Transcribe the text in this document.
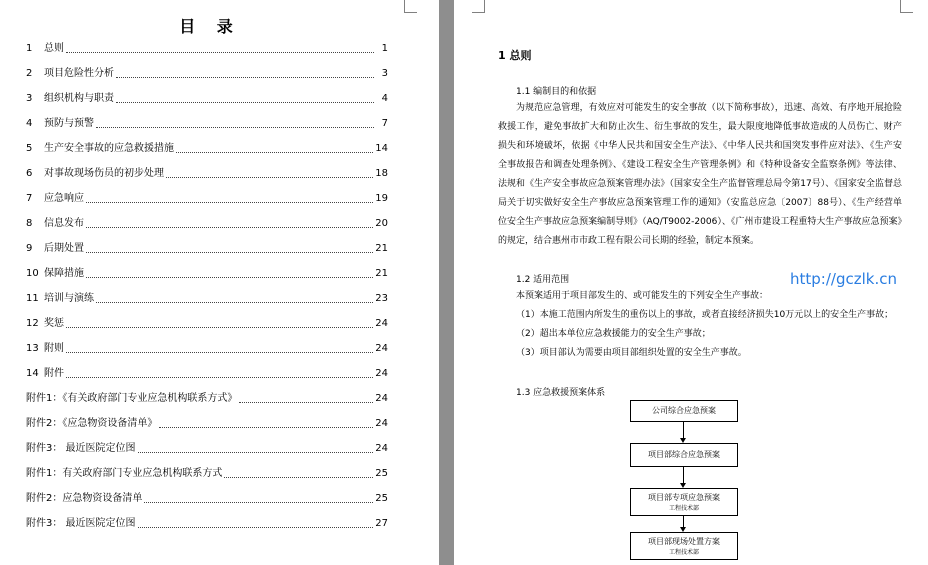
目 录
1	总则	1
2	项目危险性分析	3
3	组织机构与职责	4
4	预防与预警	7
5	生产安全事故的应急救援措施	14
6	对事故现场伤员的初步处理	18
7	应急响应	19
8	信息发布	20
9	后期处置	21
10 保障措施	21
11 培训与演练	23
12 奖惩	24
13 附则	24
14 附件	24
附件1：《有关政府部门专业应急机构联系方式》	24
附件2：《应急物资设备清单》	24
附件3： 最近医院定位图	24
附件1：有关政府部门专业应急机构联系方式	25
附件2：应急物资设备清单	25
附件3： 最近医院定位图	27
1 总则
1.1 编制目的和依据

为规范应急管理，有效应对可能发生的安全事故（以下简称事故），迅速、高效、有序地开展抢险救援工作，避免事故扩大和防止次生、衍生事故的发生，最大限度地降低事故造成的人员伤亡、财产损失和环境破坏，依据《中华人民共和国安全生产法》、《中华人民共和国突发事件应对法》、《生产安全事故报告和调查处理条例》、《建设工程安全生产管理条例》和《特种设备安全监察条例》等法律、法规和《生产安全事故应急预案管理办法》（国家安全生产监督管理总局令第17号）、《国家安全监督总局关于切实做好安全生产事故应急预案管理工作的通知》（安监总应急〔2007〕88号）、《生产经营单位安全生产事故应急预案编制导则》（AQ/T9002-2006）、《广州市建设工程重特大生产事故应急预案》的规定，结合惠州市市政工程有限公司长期的经验，制定本预案。

1.2 适用范围

本预案适用于项目部发生的、或可能发生的下列安全生产事故：

（1）本施工范围内所发生的重伤以上的事故，或者直接经济损失10万元以上的安全生产事故；

（2）超出本单位应急救援能力的安全生产事故；

（3）项目部认为需要由项目部组织处置的安全生产事故。

1.3 应急救援预案体系
公司综合应急预案
项目部综合应急预案
项目部专项应急预案
工程技术部
项目部现场处置方案
工程技术部
http://gczlk.cn
